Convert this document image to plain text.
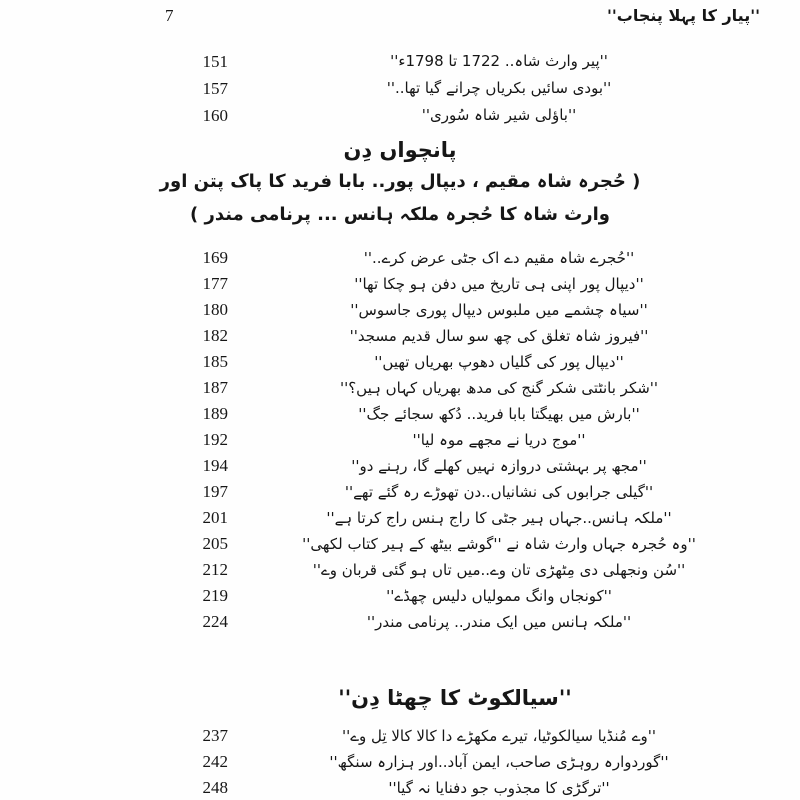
7	''پیار کا پہلا پنجاب''
151	''پیر وارث شاہ.. 1722 تا 1798ء''
157	''بودی سائیں بکریاں چرانے گیا تھا..''
160	''باؤلی شیر شاہ سُوری''
پانچواں دِن
( حُجرہ شاہ مقیم ، دیپال پور.. بابا فرید کا پاک پتن اور
وارث شاہ کا حُجرہ ملکہ ہانس ... پرنامی مندر )
169	''حُجرے شاہ مقیم دے اک جٹی عرض کرے..''
177	''دیپال پور اپنی ہی تاریخ میں دفن ہو چکا تھا''
180	''سیاہ چشمے میں ملبوس دیپال پوری جاسوس''
182	''فیروز شاہ تغلق کی چھ سو سال قدیم مسجد''
185	''دیپال پور کی گلیاں دھوپ بھریاں تھیں''
187	''شکر بانٹتی شکر گنج کی مدھ بھریاں کہاں ہیں؟''
189	''بارش میں بھیگتا بابا فرید.. دُکھ سجائے جگ''
192	''موج دریا نے مجھے موہ لیا''
194	''مجھ پر بہشتی دروازہ نہیں کھلے گا، رہنے دو''
197	''گیلی جرابوں کی نشانیاں..دن تھوڑے رہ گئے تھے''
201	''ملکہ ہانس..جہاں ہیر جٹی کا راج ہنس راج کرتا ہے''
205	''وہ حُجرہ جہاں وارث شاہ نے ''گوشے بیٹھ کے ہیر کتاب لکھی''
212	''سُن ونجھلی دی مِٹھڑی تان وے..میں تاں ہو گئی قربان وے''
219	''کونجاں وانگ ممولیاں دلیس چھڈے''
224	''ملکہ ہانس میں ایک مندر.. پرنامی مندر''
''سیالکوٹ کا چھٹا دِن''
237	''وے مُنڈیا سیالکوٹیا، تیرے مکھڑے دا کالا کالا تِل وے''
242	''گوردوارہ روہڑی صاحب، ایمن آباد..اور ہزارہ سنگھ''
248	''ترگڑی کا مجذوب جو دفنایا نہ گیا''
